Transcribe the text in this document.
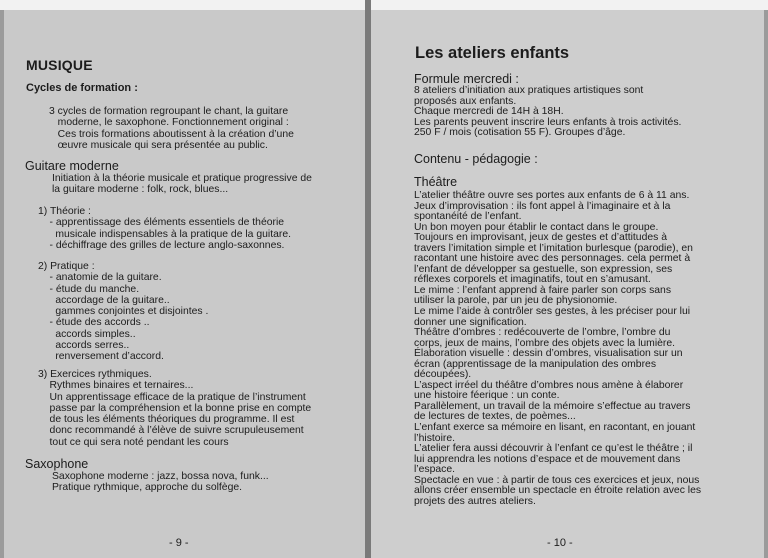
MUSIQUE
Cycles de formation :
3 cycles de formation regroupant le chant, la guitare
moderne, le saxophone. Fonctionnement original :
Ces trois formations aboutissent à la création d’une
œuvre musicale qui sera présentée au public.
Guitare moderne
Initiation à la théorie musicale et pratique progressive de
la guitare moderne : folk, rock, blues...
1) Théorie :
- apprentissage des éléments essentiels de théorie
musicale indispensables à la pratique de la guitare.
- déchiffrage des grilles de lecture anglo-saxonnes.
2) Pratique :
- anatomie de la guitare.
- étude du manche.
accordage de la guitare..
gammes conjointes et disjointes .
- étude des accords ..
accords simples..
accords serres..
renversement d’accord.
3) Exercices rythmiques.
Rythmes binaires et ternaires...
Un apprentissage efficace de la pratique de l’instrument
passe par la compréhension et la bonne prise en compte
de tous les éléments théoriques du programme. Il est
donc recommandé à l’élève de suivre scrupuleusement
tout ce qui sera noté pendant les cours
Saxophone
Saxophone moderne : jazz, bossa nova, funk...
Pratique rythmique, approche du solfège.
- 9 -
Les ateliers enfants
Formule mercredi :
8 ateliers d’initiation aux pratiques artistiques sont
proposés aux enfants.
Chaque mercredi de 14H à 18H.
Les parents peuvent inscrire leurs enfants à trois activités.
250 F / mois (cotisation 55 F). Groupes d’âge.
Contenu - pédagogie :
Théâtre
L’atelier théâtre ouvre ses portes aux enfants de 6 à 11 ans.
Jeux d’improvisation : ils font appel à l’imaginaire et à la
spontanéité de l’enfant.
Un bon moyen pour établir le contact dans le groupe.
Toujours en improvisant, jeux de gestes et d’attitudes à
travers l’imitation simple et l’imitation burlesque (parodie), en
racontant une histoire avec des personnages. cela permet à
l’enfant de développer sa gestuelle, son expression, ses
réflexes corporels et imaginatifs, tout en s’amusant.
Le mime : l’enfant apprend à faire parler son corps sans
utiliser la parole, par un jeu de physionomie.
Le mime l’aide à contrôler ses gestes, à les préciser pour lui
donner une signification.
Théâtre d’ombres : redécouverte de l’ombre, l’ombre du
corps, jeux de mains, l’ombre des objets avec la lumière.
Élaboration visuelle : dessin d’ombres, visualisation sur un
écran (apprentissage de la manipulation des ombres
découpées).
L’aspect irréel du théâtre d’ombres nous amène à élaborer
une histoire féerique : un conte.
Parallèlement, un travail de la mémoire s’effectue au travers
de lectures de textes, de poèmes...
L’enfant exerce sa mémoire en lisant, en racontant, en jouant
l’histoire.
L’atelier fera aussi découvrir à l’enfant ce qu’est le théâtre ; il
lui apprendra les notions d’espace et de mouvement dans
l’espace.
Spectacle en vue : à partir de tous ces exercices et jeux, nous
allons créer ensemble un spectacle en étroite relation avec les
projets des autres ateliers.
- 10 -
